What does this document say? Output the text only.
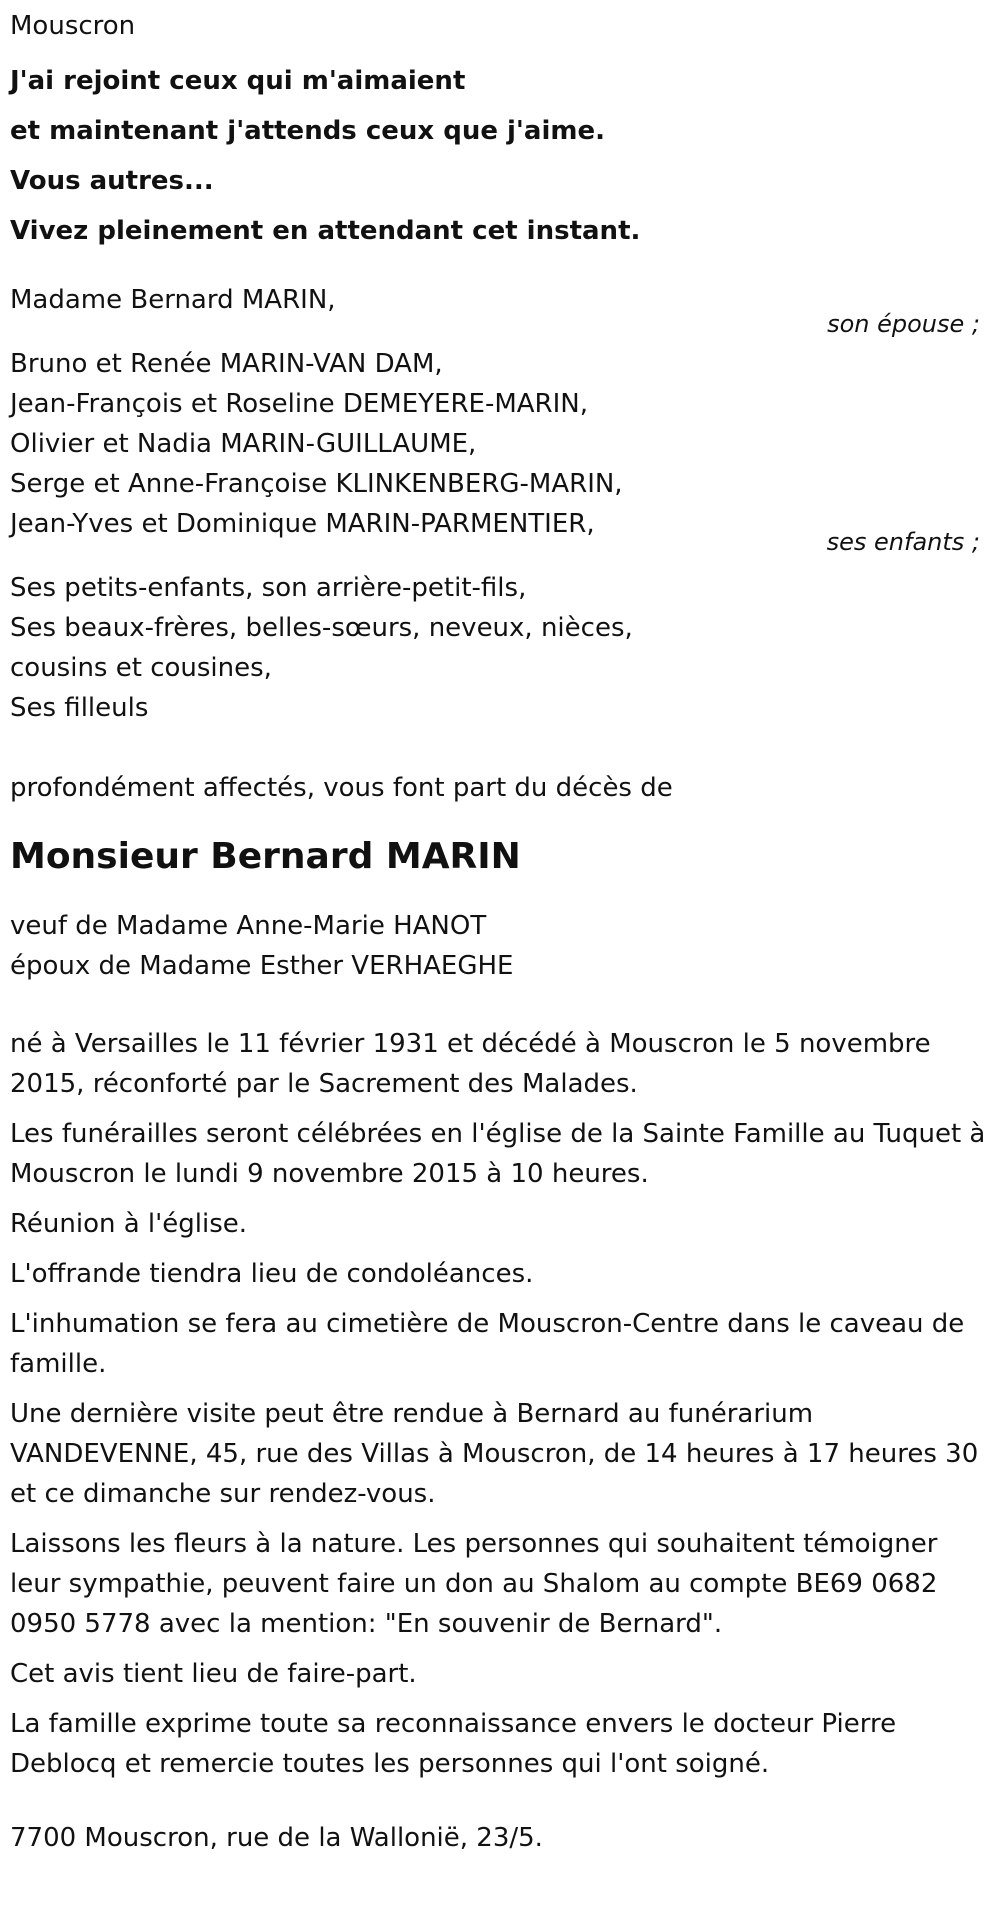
Mouscron
J'ai rejoint ceux qui m'aimaient
et maintenant j'attends ceux que j'aime.
Vous autres...
Vivez pleinement en attendant cet instant.
Madame Bernard MARIN,
son épouse ;
Bruno et Renée MARIN-VAN DAM,
Jean-François et Roseline DEMEYERE-MARIN,
Olivier et Nadia MARIN-GUILLAUME,
Serge et Anne-Françoise KLINKENBERG-MARIN,
Jean-Yves et Dominique MARIN-PARMENTIER,
ses enfants ;
Ses petits-enfants, son arrière-petit-fils,
Ses beaux-frères, belles-sœurs, neveux, nièces,
cousins et cousines,
Ses filleuls
profondément affectés, vous font part du décès de
Monsieur Bernard MARIN
veuf de Madame Anne-Marie HANOT
époux de Madame Esther VERHAEGHE

né à Versailles le 11 février 1931 et décédé à Mouscron le 5 novembre 2015, réconforté par le Sacrement des Malades.

Les funérailles seront célébrées en l'église de la Sainte Famille au Tuquet à Mouscron le lundi 9 novembre 2015 à 10 heures.

Réunion à l'église.

L'offrande tiendra lieu de condoléances.

L'inhumation se fera au cimetière de Mouscron-Centre dans le caveau de famille.

Une dernière visite peut être rendue à Bernard au funérarium VANDEVENNE, 45, rue des Villas à Mouscron, de 14 heures à 17 heures 30 et ce dimanche sur rendez-vous.

Laissons les fleurs à la nature. Les personnes qui souhaitent témoigner leur sympathie, peuvent faire un don au Shalom au compte BE69 0682 0950 5778 avec la mention: "En souvenir de Bernard".

Cet avis tient lieu de faire-part.

La famille exprime toute sa reconnaissance envers le docteur Pierre Deblocq et remercie toutes les personnes qui l'ont soigné.

7700 Mouscron, rue de la Walloniё, 23/5.
